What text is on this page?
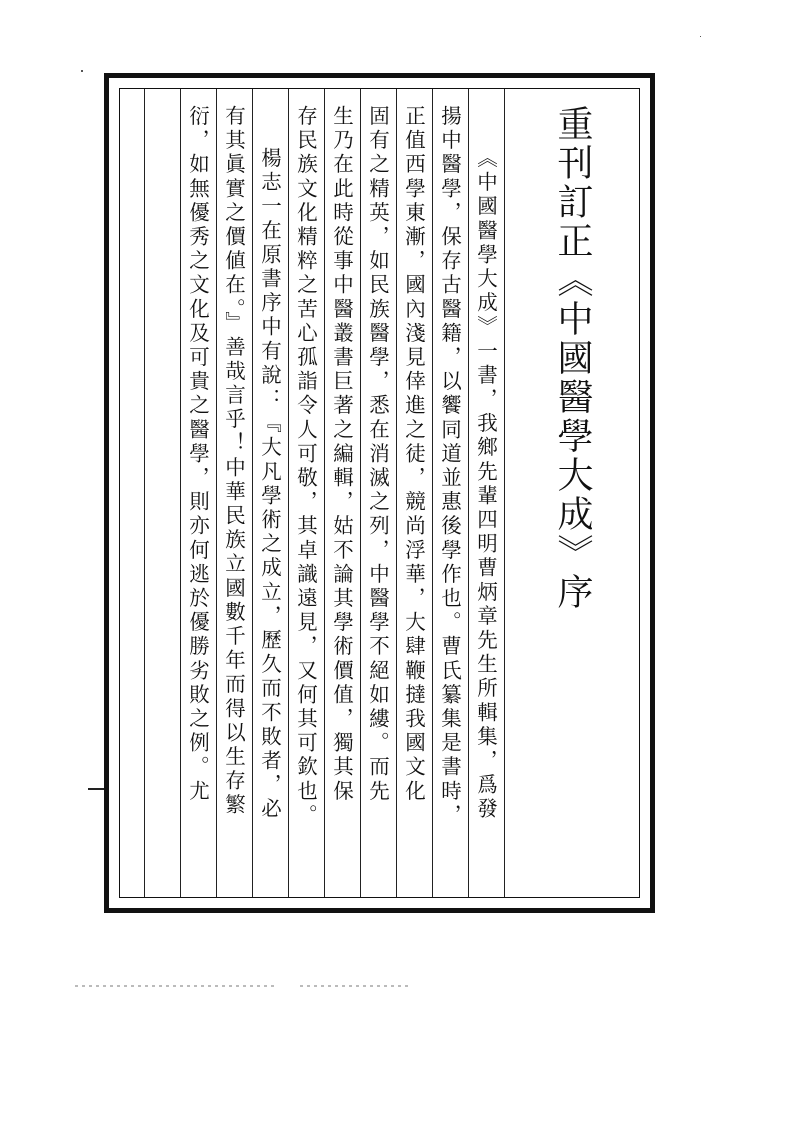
重刊訂正《中國醫學大成》序
《中國醫學大成》一書，我鄉先輩四明曹炳章先生所輯集，爲發
揚中醫學，保存古醫籍，以饗同道並惠後學作也。曹氏纂集是書時，
正值西學東漸，國內淺見倖進之徒，競尚浮華，大肆鞭撻我國文化
固有之精英，如民族醫學，悉在消滅之列，中醫學不絕如縷。而先
生乃在此時從事中醫叢書巨著之編輯，姑不論其學術價值，獨其保
存民族文化精粹之苦心孤詣令人可敬，其卓識遠見，又何其可欽也。
楊志一在原書序中有說：『大凡學術之成立，歷久而不敗者，必
有其眞實之價値在。』善哉言乎！中華民族立國數千年而得以生存繁
衍，如無優秀之文化及可貴之醫學，則亦何逃於優勝劣敗之例。尤
